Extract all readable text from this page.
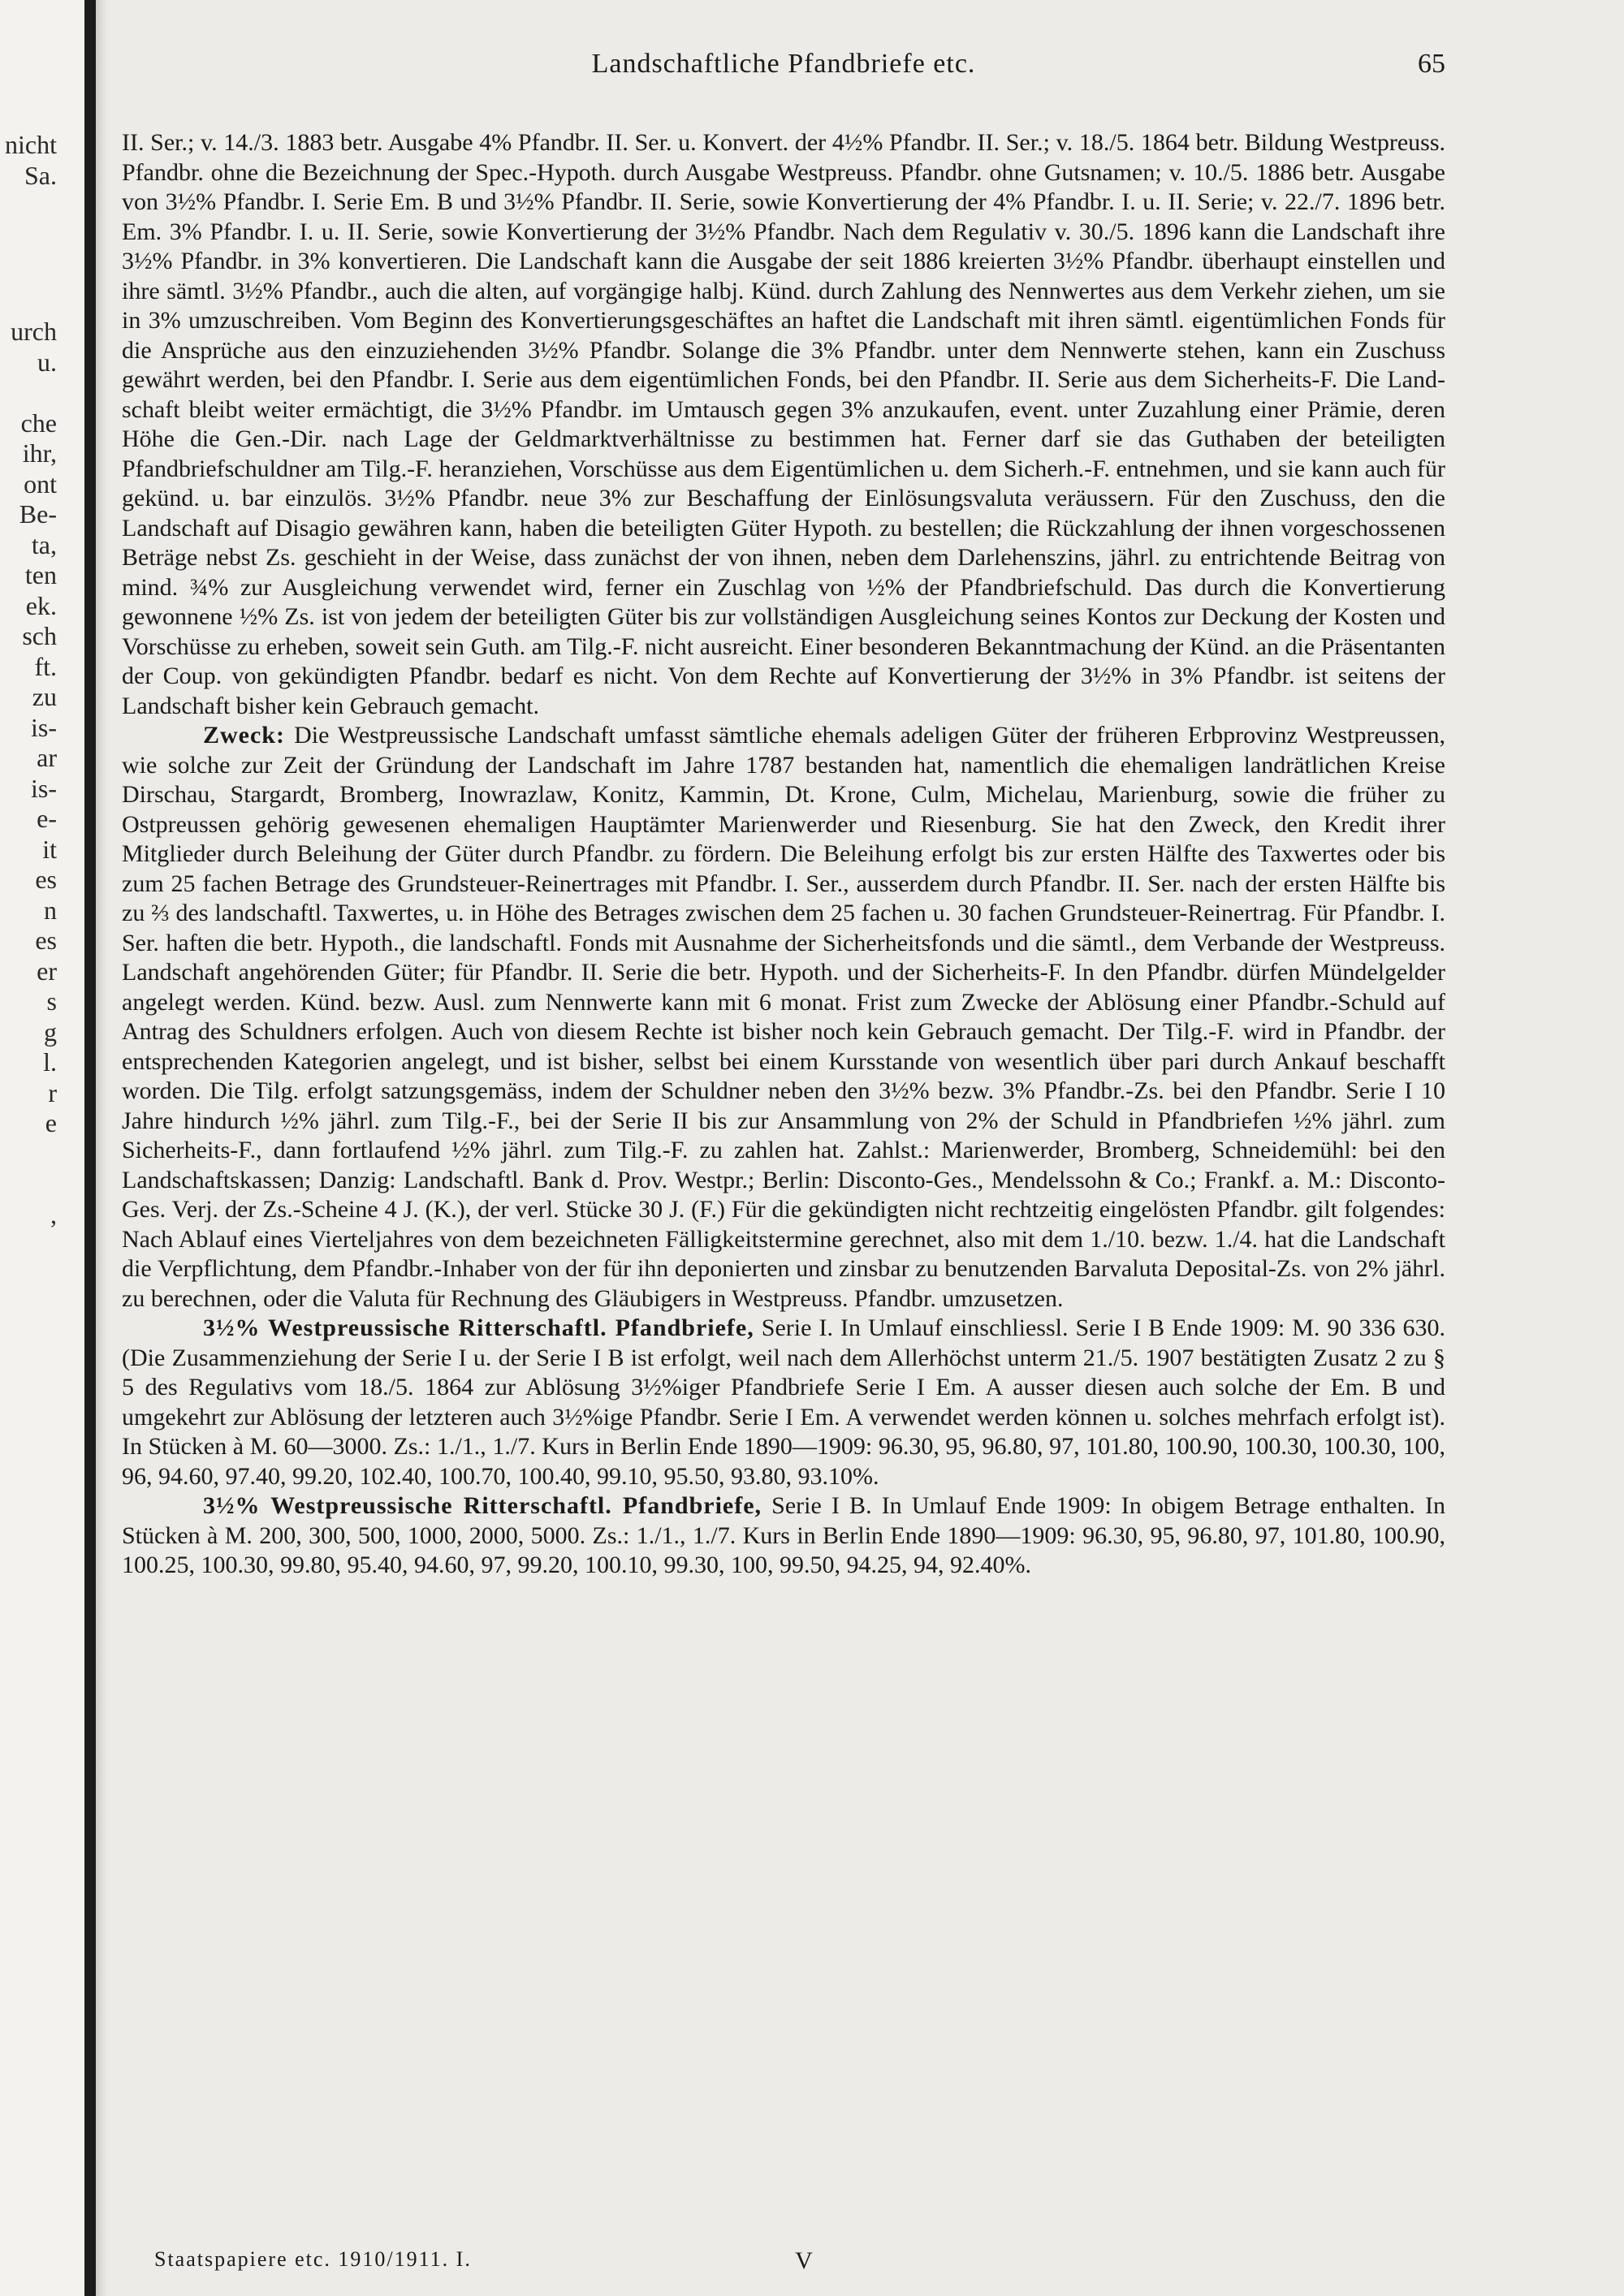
nicht
Sa.
urch
u.
che
ihr,
ont
Be-
ta,
ten
ek.
sch
ft.
zu
is-
ar
is-
e-
it
es
n
es
er
s
g
l.
r
e
,
Landschaftliche Pfandbriefe etc.	65

II. Ser.; v. 14./3. 1883 betr. Ausgabe 4% Pfandbr. II. Ser. u. Konvert. der 4½% Pfandbr. II. Ser.; v. 18./5. 1864 betr. Bildung Westpreuss. Pfandbr. ohne die Bezeichnung der Spec.-Hypoth. durch Ausgabe Westpreuss. Pfandbr. ohne Gutsnamen; v. 10./5. 1886 betr. Ausgabe von 3½% Pfandbr. I. Serie Em. B und 3½% Pfandbr. II. Serie, sowie Konvertierung der 4% Pfandbr. I. u. II. Serie; v. 22./7. 1896 betr. Em. 3% Pfandbr. I. u. II. Serie, sowie Konvertierung der 3½% Pfandbr. Nach dem Regulativ v. 30./5. 1896 kann die Landschaft ihre 3½% Pfandbr. in 3% konvertieren. Die Landschaft kann die Ausgabe der seit 1886 kreierten 3½% Pfandbr. überhaupt einstellen und ihre sämtl. 3½% Pfandbr., auch die alten, auf vorgängige halbj. Künd. durch Zahlung des Nennwertes aus dem Verkehr ziehen, um sie in 3% umzuschreiben. Vom Beginn des Konvertierungsgeschäftes an haftet die Landschaft mit ihren sämtl. eigentümlichen Fonds für die Ansprüche aus den einzuziehenden 3½% Pfandbr. Solange die 3% Pfandbr. unter dem Nennwerte stehen, kann ein Zuschuss gewährt werden, bei den Pfandbr. I. Serie aus dem eigentümlichen Fonds, bei den Pfandbr. II. Serie aus dem Sicherheits-F. Die Landschaft bleibt weiter ermächtigt, die 3½% Pfandbr. im Umtausch gegen 3% anzukaufen, event. unter Zuzahlung einer Prämie, deren Höhe die Gen.-Dir. nach Lage der Geldmarktverhältnisse zu bestimmen hat. Ferner darf sie das Guthaben der beteiligten Pfandbriefschuldner am Tilg.-F. heranziehen, Vorschüsse aus dem Eigentümlichen u. dem Sicherh.-F. entnehmen, und sie kann auch für gekünd. u. bar einzulös. 3½% Pfandbr. neue 3% zur Beschaffung der Einlösungsvaluta veräussern. Für den Zuschuss, den die Landschaft auf Disagio gewähren kann, haben die beteiligten Güter Hypoth. zu bestellen; die Rückzahlung der ihnen vorgeschossenen Beträge nebst Zs. geschieht in der Weise, dass zunächst der von ihnen, neben dem Darlehenszins, jährl. zu entrichtende Beitrag von mind. ¾% zur Ausgleichung verwendet wird, ferner ein Zuschlag von ½% der Pfandbriefschuld. Das durch die Konvertierung gewonnene ½% Zs. ist von jedem der beteiligten Güter bis zur vollständigen Ausgleichung seines Kontos zur Deckung der Kosten und Vorschüsse zu erheben, soweit sein Guth. am Tilg.-F. nicht ausreicht. Einer besonderen Bekanntmachung der Künd. an die Präsentanten der Coup. von gekündigten Pfandbr. bedarf es nicht. Von dem Rechte auf Konvertierung der 3½% in 3% Pfandbr. ist seitens der Landschaft bisher kein Gebrauch gemacht.

Zweck: Die Westpreussische Landschaft umfasst sämtliche ehemals adeligen Güter der früheren Erbprovinz Westpreussen, wie solche zur Zeit der Gründung der Landschaft im Jahre 1787 bestanden hat, namentlich die ehemaligen landrätlichen Kreise Dirschau, Stargardt, Bromberg, Inowrazlaw, Konitz, Kammin, Dt. Krone, Culm, Michelau, Marienburg, sowie die früher zu Ostpreussen gehörig gewesenen ehemaligen Hauptämter Marienwerder und Riesenburg. Sie hat den Zweck, den Kredit ihrer Mitglieder durch Beleihung der Güter durch Pfandbr. zu fördern. Die Beleihung erfolgt bis zur ersten Hälfte des Taxwertes oder bis zum 25 fachen Betrage des Grundsteuer-Reinertrages mit Pfandbr. I. Ser., ausserdem durch Pfandbr. II. Ser. nach der ersten Hälfte bis zu ⅔ des landschaftl. Taxwertes, u. in Höhe des Betrages zwischen dem 25 fachen u. 30 fachen Grundsteuer-Reinertrag. Für Pfandbr. I. Ser. haften die betr. Hypoth., die landschaftl. Fonds mit Ausnahme der Sicherheitsfonds und die sämtl., dem Verbande der Westpreuss. Landschaft angehörenden Güter; für Pfandbr. II. Serie die betr. Hypoth. und der Sicherheits-F. In den Pfandbr. dürfen Mündelgelder angelegt werden. Künd. bezw. Ausl. zum Nennwerte kann mit 6 monat. Frist zum Zwecke der Ablösung einer Pfandbr.-Schuld auf Antrag des Schuldners erfolgen. Auch von diesem Rechte ist bisher noch kein Gebrauch gemacht. Der Tilg.-F. wird in Pfandbr. der entsprechenden Kategorien angelegt, und ist bisher, selbst bei einem Kursstande von wesentlich über pari durch Ankauf beschafft worden. Die Tilg. erfolgt satzungsgemäss, indem der Schuldner neben den 3½% bezw. 3% Pfandbr.-Zs. bei den Pfandbr. Serie I 10 Jahre hindurch ½% jährl. zum Tilg.-F., bei der Serie II bis zur Ansammlung von 2% der Schuld in Pfandbriefen ½% jährl. zum Sicherheits-F., dann fortlaufend ½% jährl. zum Tilg.-F. zu zahlen hat. Zahlst.: Marienwerder, Bromberg, Schneidemühl: bei den Landschaftskassen; Danzig: Landschaftl. Bank d. Prov. Westpr.; Berlin: Disconto-Ges., Mendelssohn & Co.; Frankf. a. M.: Disconto-Ges. Verj. der Zs.-Scheine 4 J. (K.), der verl. Stücke 30 J. (F.) Für die gekündigten nicht rechtzeitig eingelösten Pfandbr. gilt folgendes: Nach Ablauf eines Vierteljahres von dem bezeichneten Fälligkeitstermine gerechnet, also mit dem 1./10. bezw. 1./4. hat die Landschaft die Verpflichtung, dem Pfandbr.-Inhaber von der für ihn deponierten und zinsbar zu benutzenden Barvaluta Deposital-Zs. von 2% jährl. zu berechnen, oder die Valuta für Rechnung des Gläubigers in Westpreuss. Pfandbr. umzusetzen.

3½% Westpreussische Ritterschaftl. Pfandbriefe, Serie I. In Umlauf einschliessl. Serie I B Ende 1909: M. 90 336 630. (Die Zusammenziehung der Serie I u. der Serie I B ist erfolgt, weil nach dem Allerhöchst unterm 21./5. 1907 bestätigten Zusatz 2 zu § 5 des Regulativs vom 18./5. 1864 zur Ablösung 3½%iger Pfandbriefe Serie I Em. A ausser diesen auch solche der Em. B und umgekehrt zur Ablösung der letzteren auch 3½%ige Pfandbr. Serie I Em. A verwendet werden können u. solches mehrfach erfolgt ist). In Stücken à M. 60—3000. Zs.: 1./1., 1./7. Kurs in Berlin Ende 1890—1909: 96.30, 95, 96.80, 97, 101.80, 100.90, 100.30, 100.30, 100, 96, 94.60, 97.40, 99.20, 102.40, 100.70, 100.40, 99.10, 95.50, 93.80, 93.10%.

3½% Westpreussische Ritterschaftl. Pfandbriefe, Serie I B. In Umlauf Ende 1909: In obigem Betrage enthalten. In Stücken à M. 200, 300, 500, 1000, 2000, 5000. Zs.: 1./1., 1./7. Kurs in Berlin Ende 1890—1909: 96.30, 95, 96.80, 97, 101.80, 100.90, 100.25, 100.30, 99.80, 95.40, 94.60, 97, 99.20, 100.10, 99.30, 100, 99.50, 94.25, 94, 92.40%.

Staatspapiere etc. 1910/1911. I.	V
